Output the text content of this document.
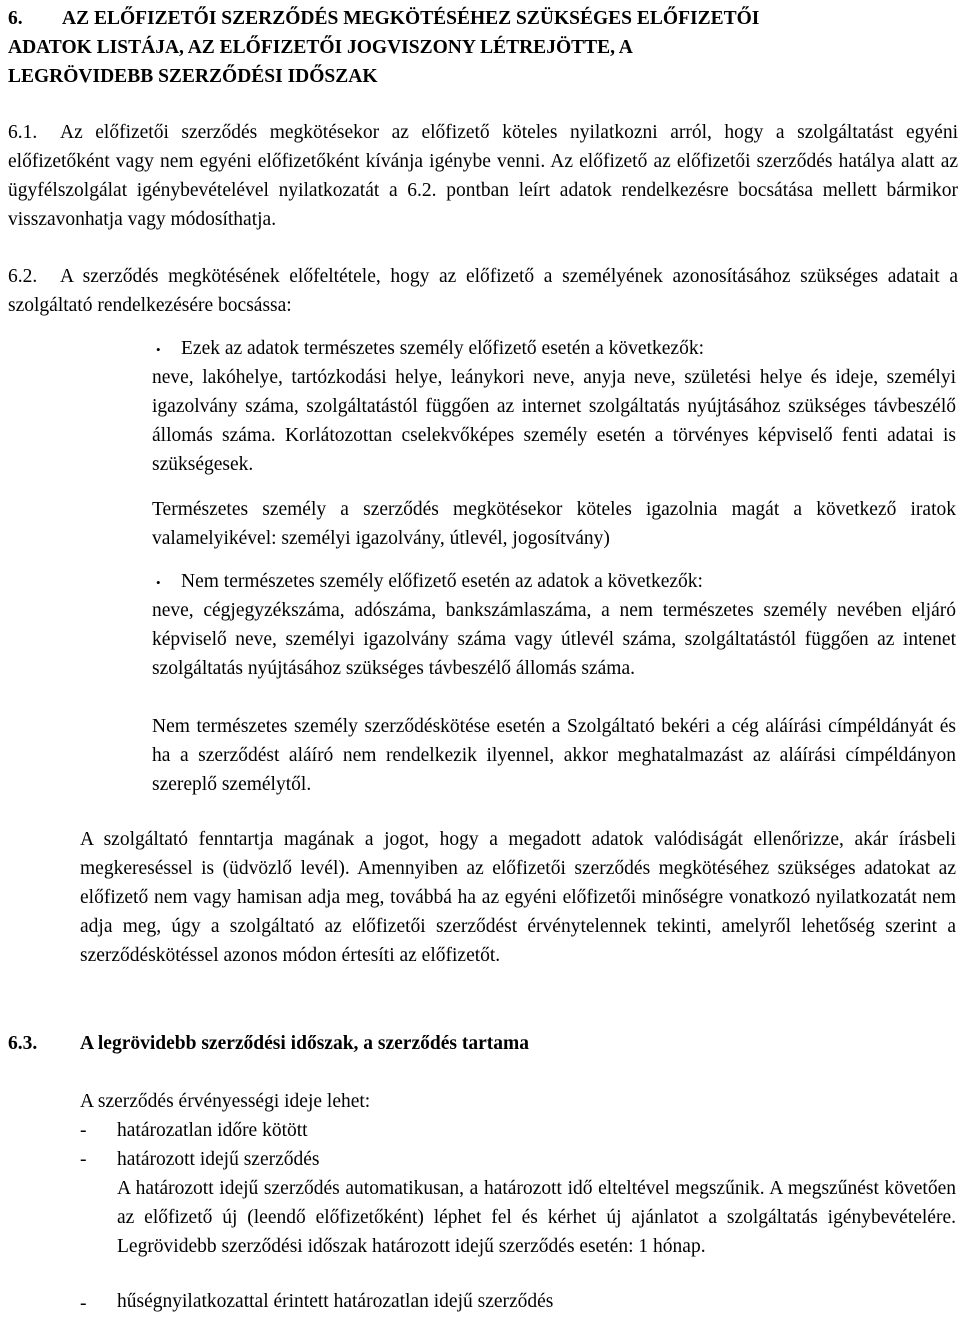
6. AZ ELŐFIZETŐI SZERZŐDÉS MEGKÖTÉSÉHEZ SZÜKSÉGES ELŐFIZETŐI
ADATOK LISTÁJA, AZ ELŐFIZETŐI JOGVISZONY LÉTREJÖTTE, A
LEGRÖVIDEBB SZERZŐDÉSI IDŐSZAK
6.1.	Az előfizetői szerződés megkötésekor az előfizető köteles nyilatkozni arról, hogy a szolgáltatást egyéni előfizetőként vagy nem egyéni előfizetőként kívánja igénybe venni. Az előfizető az előfizetői szerződés hatálya alatt az ügyfélszolgálat igénybevételével nyilatkozatát a 6.2. pontban leírt adatok rendelkezésre bocsátása mellett bármikor visszavonhatja vagy módosíthatja.

6.2.	A szerződés megkötésének előfeltétele, hogy az előfizető a személyének azonosításához szükséges adatait a szolgáltató rendelkezésére bocsássa:

• Ezek az adatok természetes személy előfizető esetén a következők:

neve, lakóhelye, tartózkodási helye, leánykori neve, anyja neve, születési helye és ideje, személyi igazolvány száma, szolgáltatástól függően az internet szolgáltatás nyújtásához szükséges távbeszélő állomás száma. Korlátozottan cselekvőképes személy esetén a törvényes képviselő fenti adatai is szükségesek.

Természetes személy a szerződés megkötésekor köteles igazolnia magát a következő iratok valamelyikével: személyi igazolvány, útlevél, jogosítvány)

• Nem természetes személy előfizető esetén az adatok a következők:

neve, cégjegyzékszáma, adószáma, bankszámlaszáma, a nem természetes személy nevében eljáró képviselő neve, személyi igazolvány száma vagy útlevél száma, szolgáltatástól függően az intenet szolgáltatás nyújtásához szükséges távbeszélő állomás száma.

Nem természetes személy szerződéskötése esetén a Szolgáltató bekéri a cég aláírási címpéldányát és ha a szerződést aláíró nem rendelkezik ilyennel, akkor meghatalmazást az aláírási címpéldányon szereplő személytől.

A szolgáltató fenntartja magának a jogot, hogy a megadott adatok valódiságát ellenőrizze, akár írásbeli megkereséssel is (üdvözlő levél). Amennyiben az előfizetői szerződés megkötéséhez szükséges adatokat az előfizető nem vagy hamisan adja meg, továbbá ha az egyéni előfizetői minőségre vonatkozó nyilatkozatát nem adja meg, úgy a szolgáltató az előfizetői szerződést érvénytelennek tekinti, amelyről lehetőség szerint a szerződéskötéssel azonos módon értesíti az előfizetőt.

6.3. A legrövidebb szerződési időszak, a szerződés tartama
A szerződés érvényességi ideje lehet:
- határozatlan időre kötött
- határozott idejű szerződés

A határozott idejű szerződés automatikusan, a határozott idő elteltével megszűnik. A megszűnést követően az előfizető új (leendő előfizetőként) léphet fel és kérhet új ajánlatot a szolgáltatás igénybevételére. Legrövidebb szerződési időszak határozott idejű szerződés esetén: 1 hónap.

- hűségnyilatkozattal érintett határozatlan idejű szerződés
